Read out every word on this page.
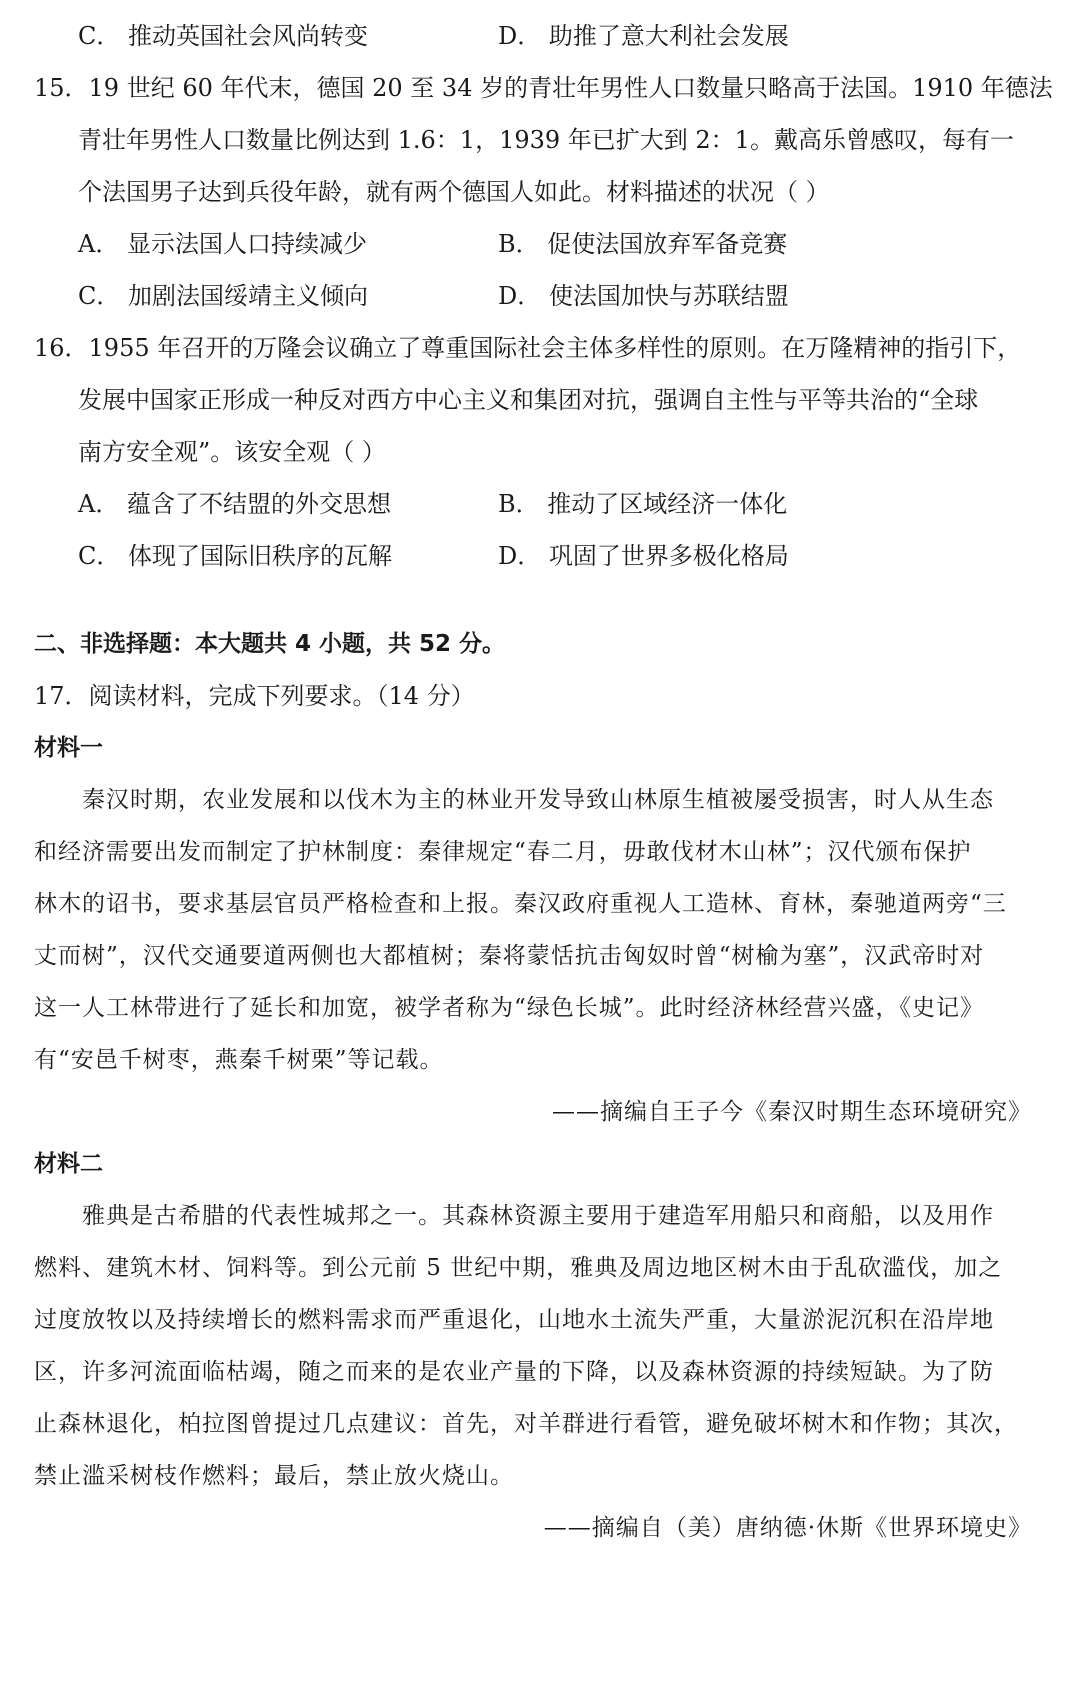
C． 推动英国社会风尚转变	D． 助推了意大利社会发展
15．19 世纪 60 年代末，德国 20 至 34 岁的青壮年男性人口数量只略高于法国。1910 年德法
青壮年男性人口数量比例达到 1.6：1，1939 年已扩大到 2：1。戴高乐曾感叹，每有一
个法国男子达到兵役年龄，就有两个德国人如此。材料描述的状况（ ）
A． 显示法国人口持续减少	B． 促使法国放弃军备竞赛
C． 加剧法国绥靖主义倾向	D． 使法国加快与苏联结盟
16．1955 年召开的万隆会议确立了尊重国际社会主体多样性的原则。在万隆精神的指引下，
发展中国家正形成一种反对西方中心主义和集团对抗，强调自主性与平等共治的“全球
南方安全观”。该安全观（ ）
A． 蕴含了不结盟的外交思想	B． 推动了区域经济一体化
C． 体现了国际旧秩序的瓦解	D． 巩固了世界多极化格局
二、非选择题：本大题共 4 小题，共 52 分。
17．阅读材料，完成下列要求。（14 分）
材料一
秦汉时期，农业发展和以伐木为主的林业开发导致山林原生植被屡受损害，时人从生态
和经济需要出发而制定了护林制度：秦律规定“春二月，毋敢伐材木山林”；汉代颁布保护
林木的诏书，要求基层官员严格检查和上报。秦汉政府重视人工造林、育林，秦驰道两旁“三
丈而树”，汉代交通要道两侧也大都植树；秦将蒙恬抗击匈奴时曾“树榆为塞”，汉武帝时对
这一人工林带进行了延长和加宽，被学者称为“绿色长城”。此时经济林经营兴盛，《史记》
有“安邑千树枣，燕秦千树栗”等记载。
——摘编自王子今《秦汉时期生态环境研究》
材料二
雅典是古希腊的代表性城邦之一。其森林资源主要用于建造军用船只和商船，以及用作
燃料、建筑木材、饲料等。到公元前 5 世纪中期，雅典及周边地区树木由于乱砍滥伐，加之
过度放牧以及持续增长的燃料需求而严重退化，山地水土流失严重，大量淤泥沉积在沿岸地
区，许多河流面临枯竭，随之而来的是农业产量的下降，以及森林资源的持续短缺。为了防
止森林退化，柏拉图曾提过几点建议：首先，对羊群进行看管，避免破坏树木和作物；其次，
禁止滥采树枝作燃料；最后，禁止放火烧山。
——摘编自（美）唐纳德·休斯《世界环境史》
